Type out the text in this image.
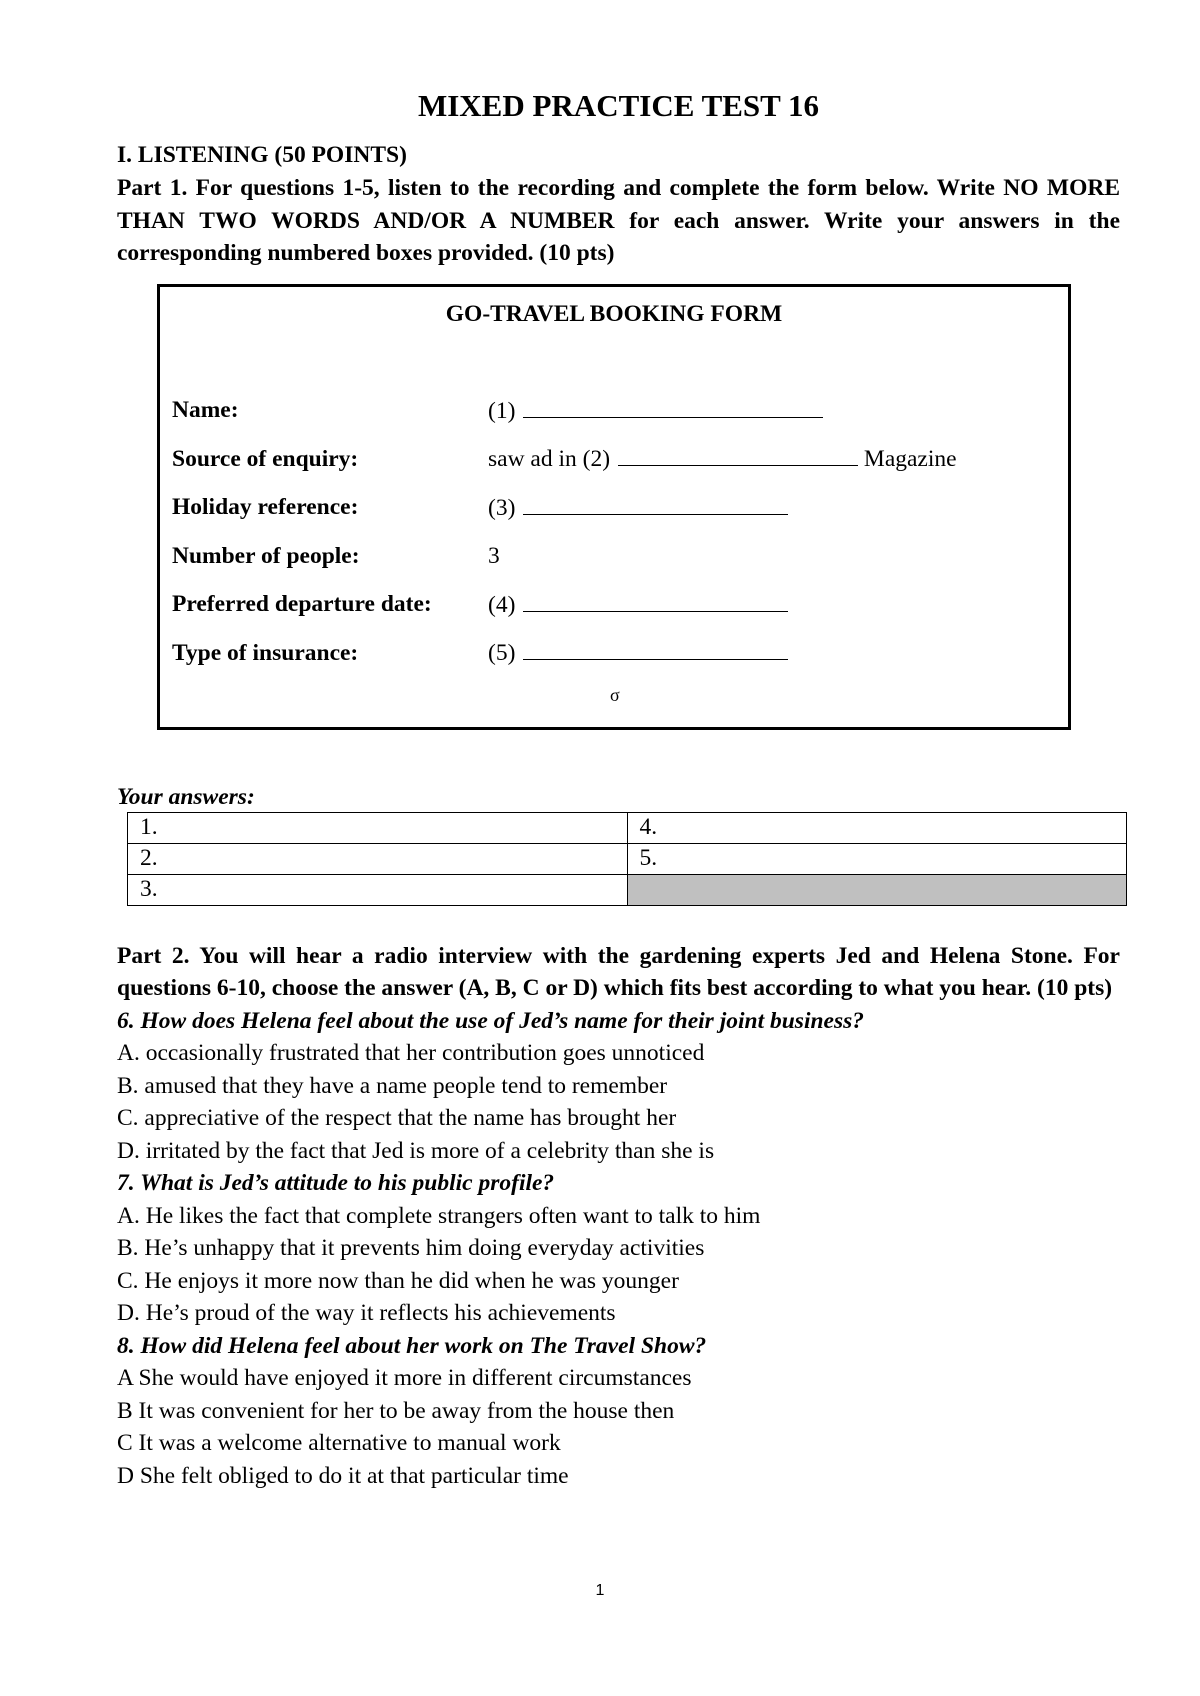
MIXED PRACTICE TEST 16

I. LISTENING (50 POINTS)

Part 1. For questions 1-5, listen to the recording and complete the form below. Write NO MORE THAN TWO WORDS AND/OR A NUMBER for each answer. Write your answers in the corresponding numbered boxes provided. (10 pts)

GO-TRAVEL BOOKING FORM
Name:	(1)
Source of enquiry:	saw ad in (2)	Magazine
Holiday reference:	(3)
Number of people:	3
Preferred departure date:	(4)
Type of insurance:	(5)
σ
Your answers:
1.	4.
2.	5.
3.	

Part 2. You will hear a radio interview with the gardening experts Jed and Helena Stone. For questions 6-10, choose the answer (A, B, C or D) which fits best according to what you hear. (10 pts)

6. How does Helena feel about the use of Jed’s name for their joint business?

A. occasionally frustrated that her contribution goes unnoticed

B. amused that they have a name people tend to remember

C. appreciative of the respect that the name has brought her

D. irritated by the fact that Jed is more of a celebrity than she is

7. What is Jed’s attitude to his public profile?

A. He likes the fact that complete strangers often want to talk to him

B. He’s unhappy that it prevents him doing everyday activities

C. He enjoys it more now than he did when he was younger

D. He’s proud of the way it reflects his achievements

8. How did Helena feel about her work on The Travel Show?

A She would have enjoyed it more in different circumstances

B It was convenient for her to be away from the house then

C It was a welcome alternative to manual work

D She felt obliged to do it at that particular time

1
